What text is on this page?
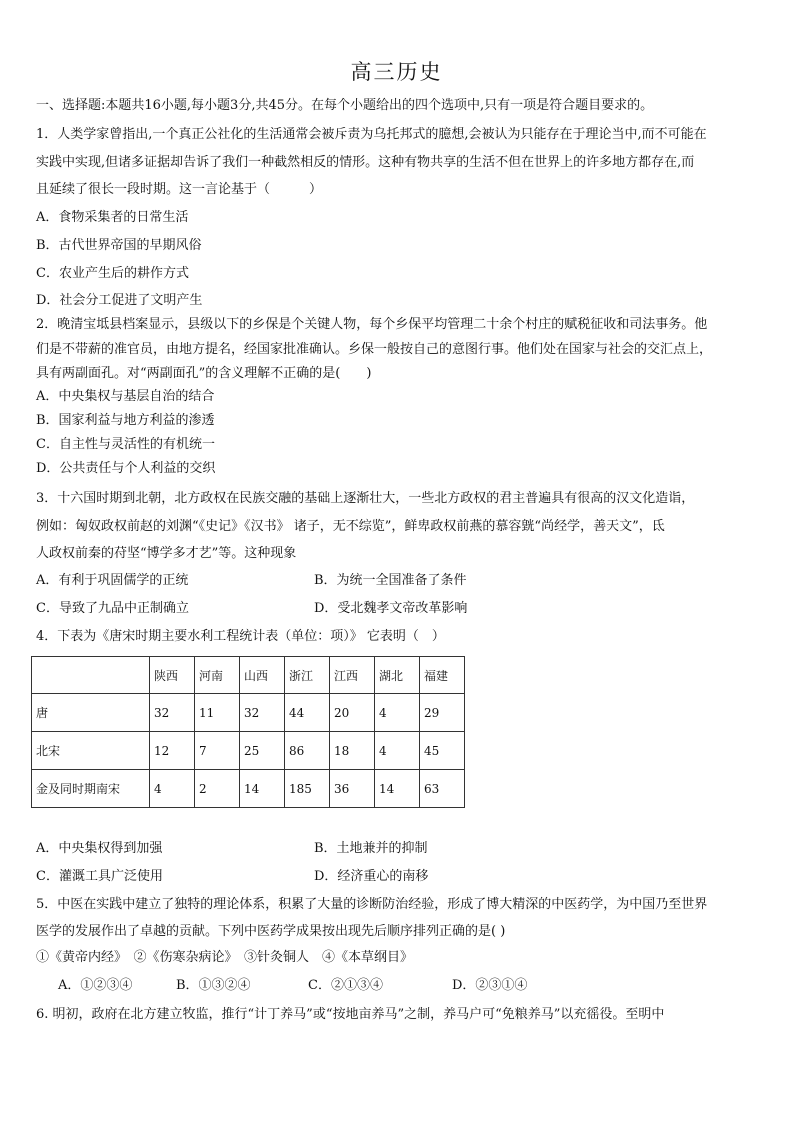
高三历史
一、选择题:本题共16小题,每小题3分,共45分。在每个小题给出的四个选项中,只有一项是符合题目要求的。
1．人类学家曾指出,一个真正公社化的生活通常会被斥责为乌托邦式的臆想,会被认为只能存在于理论当中,而不可能在
实践中实现,但诸多证据却告诉了我们一种截然相反的情形。这种有物共享的生活不但在世界上的许多地方都存在,而
且延续了很长一段时期。这一言论基于（　　　）
A．食物采集者的日常生活
B．古代世界帝国的早期风俗
C．农业产生后的耕作方式
D．社会分工促进了文明产生
2．晚清宝坻县档案显示，县级以下的乡保是个关键人物，每个乡保平均管理二十余个村庄的赋税征收和司法事务。他
们是不带薪的准官员，由地方提名，经国家批准确认。乡保一般按自己的意图行事。他们处在国家与社会的交汇点上，
具有两副面孔。对“两副面孔”的含义理解不正确的是(　　)
A．中央集权与基层自治的结合
B．国家利益与地方利益的渗透
C．自主性与灵活性的有机统一
D．公共责任与个人利益的交织
3．十六国时期到北朝，北方政权在民族交融的基础上逐渐壮大，一些北方政权的君主普遍具有很高的汉文化造诣，
例如：匈奴政权前赵的刘渊“《史记》《汉书》 诸子，无不综览”，鲜卑政权前燕的慕容皝“尚经学，善天文”，氐
人政权前秦的苻坚“博学多才艺”等。这种现象
A．有利于巩固儒学的正统	B．为统一全国准备了条件
C．导致了九品中正制确立	D．受北魏孝文帝改革影响
4．下表为《唐宋时期主要水利工程统计表（单位：项）》 它表明（　）
	陕西	河南	山西	浙江	江西	湖北	福建
唐	32	11	32	44	20	4	29
北宋	12	7	25	86	18	4	45
金及同时期南宋	4	2	14	185	36	14	63
A．中央集权得到加强	B．土地兼并的抑制
C．灌溉工具广泛使用	D．经济重心的南移
5．中医在实践中建立了独特的理论体系，积累了大量的诊断防治经验，形成了博大精深的中医药学，为中国乃至世界
医学的发展作出了卓越的贡献。下列中医药学成果按出现先后顺序排列正确的是( )
①《黄帝内经》　②《伤寒杂病论》　③针灸铜人　④《本草纲目》
A．①②③④	B．①③②④	C．②①③④	D．②③①④
6. 明初，政府在北方建立牧监，推行“计丁养马”或“按地亩养马”之制，养马户可“免粮养马”以充徭役。至明中
